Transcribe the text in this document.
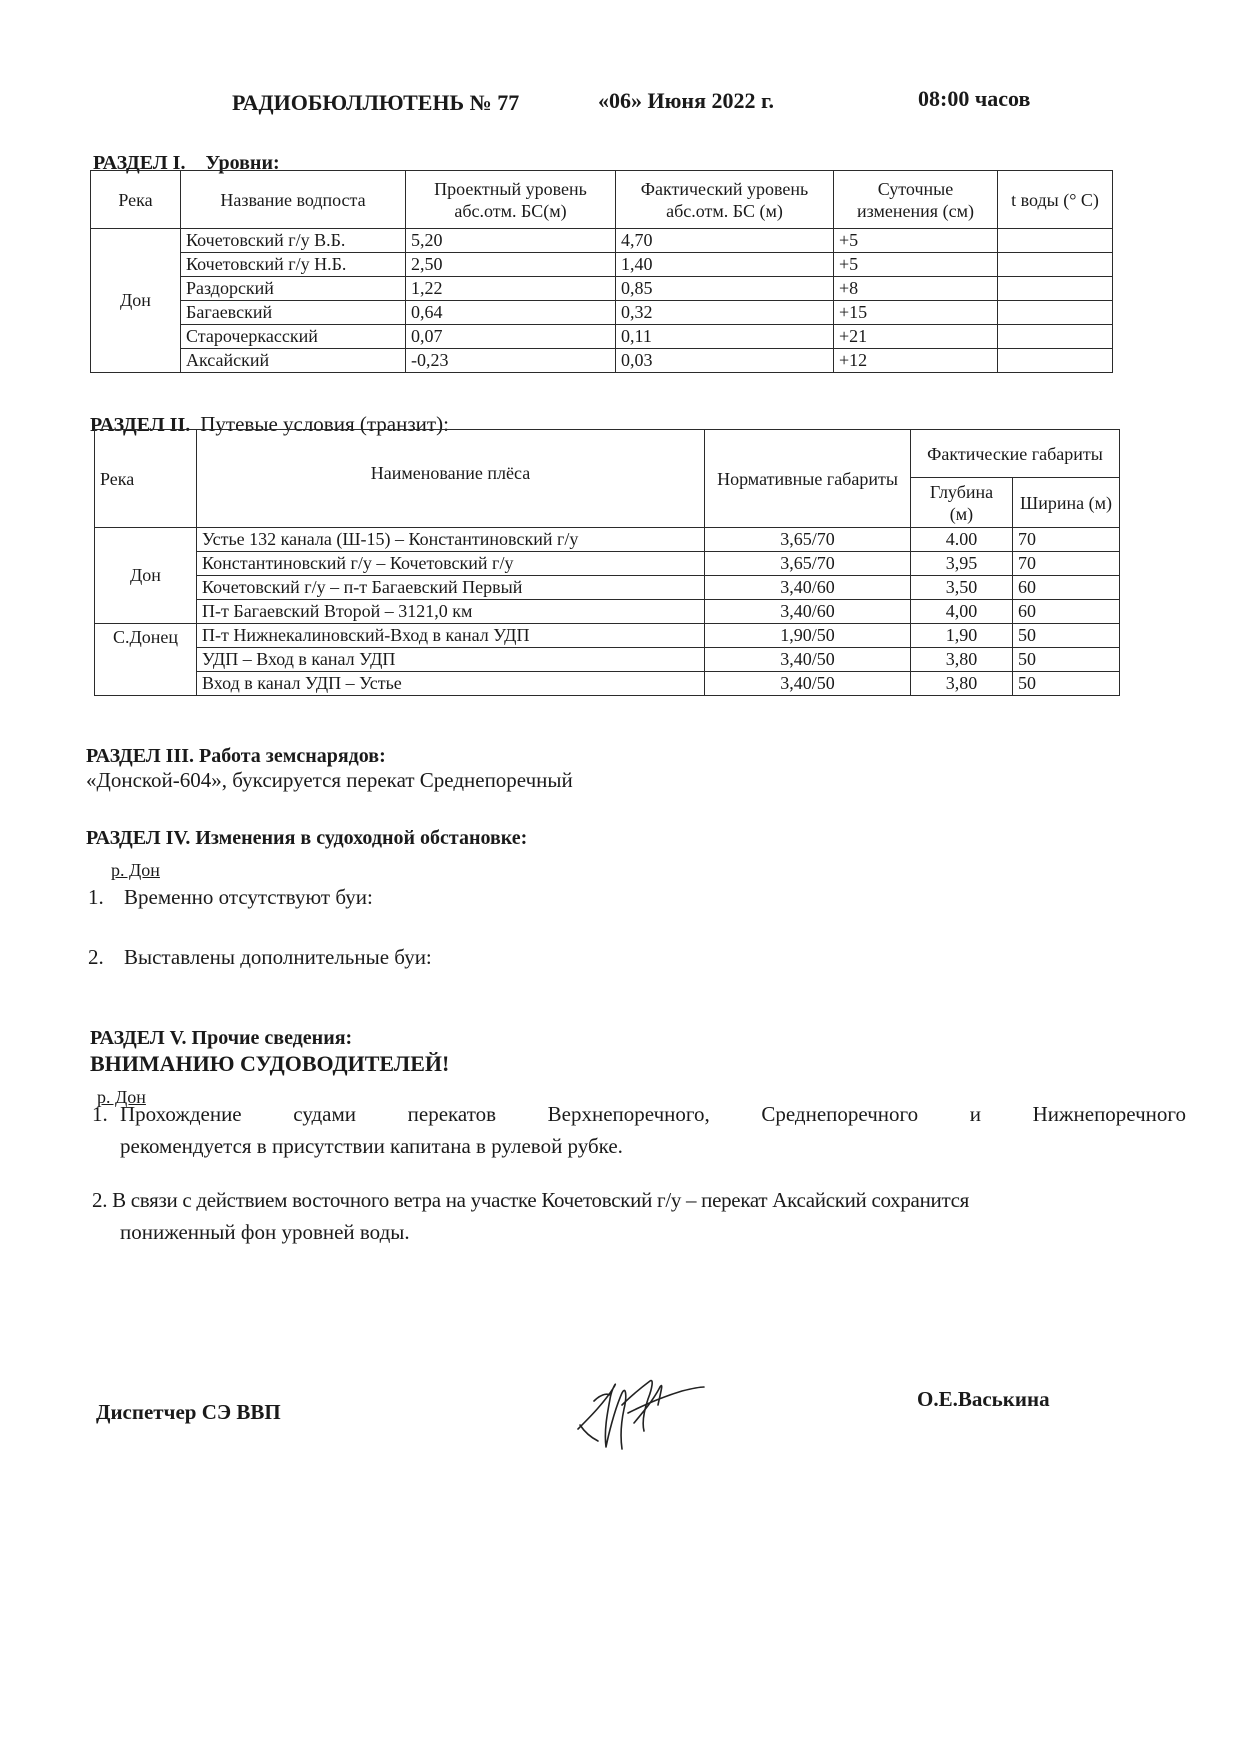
РАДИОБЮЛЛЮТЕНЬ № 77	«06» Июня 2022 г.	08:00 часов
РАЗДЕЛ I. Уровни:
Река	Название водпоста	Проектный уровень абс.отм. БС(м)	Фактический уровень абс.отм. БС (м)	Суточные изменения (см)	t воды (° С)
Дон	Кочетовский г/у В.Б.	5,20	4,70	+5	
	Кочетовский г/у Н.Б.	2,50	1,40	+5	
	Раздорский	1,22	0,85	+8	
	Багаевский	0,64	0,32	+15	
	Старочеркасский	0,07	0,11	+21	
	Аксайский	-0,23	0,03	+12	
РАЗДЕЛ II. Путевые условия (транзит):
Река	Наименование плёса	Нормативные габариты	Фактические габариты	
			Глубина (м)	Ширина (м)
Дон	Устье 132 канала (Ш-15) – Константиновский г/у	3,65/70	4.00	70
	Константиновский г/у – Кочетовский г/у	3,65/70	3,95	70
	Кочетовский г/у – п-т Багаевский Первый	3,40/60	3,50	60
	П-т Багаевский Второй – 3121,0 км	3,40/60	4,00	60
С.Донец	П-т Нижнекалиновский-Вход в канал УДП	1,90/50	1,90	50
	УДП – Вход в канал УДП	3,40/50	3,80	50
	Вход в канал УДП – Устье	3,40/50	3,80	50
РАЗДЕЛ III. Работа земснарядов:
«Донской-604», буксируется перекат Среднепоречный
РАЗДЕЛ IV. Изменения в судоходной обстановке:
р. Дон
1. Временно отсутствуют буи:
2. Выставлены дополнительные буи:
РАЗДЕЛ V. Прочие сведения:
ВНИМАНИЮ СУДОВОДИТЕЛЕЙ!
р. Дон
1. Прохождение судами перекатов Верхнепоречного, Среднепоречного и Нижнепоречного
рекомендуется в присутствии капитана в рулевой рубке.
2. В связи с действием восточного ветра на участке Кочетовский г/у – перекат Аксайский сохранится
пониженный фон уровней воды.
Диспетчер СЭ ВВП
О.Е.Васькина
